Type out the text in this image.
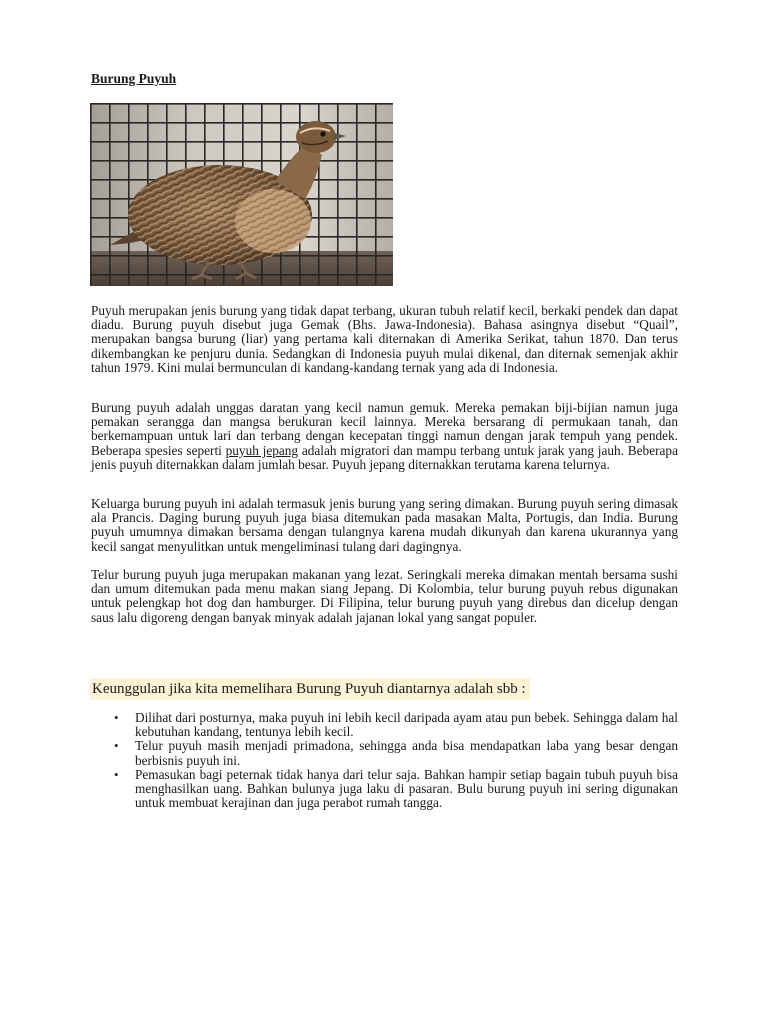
Burung Puyuh

Puyuh merupakan jenis burung yang tidak dapat terbang, ukuran tubuh relatif kecil, berkaki pendek dan dapat diadu. Burung puyuh disebut juga Gemak (Bhs. Jawa-Indonesia). Bahasa asingnya disebut “Quail”, merupakan bangsa burung (liar) yang pertama kali diternakan di Amerika Serikat, tahun 1870. Dan terus dikembangkan ke penjuru dunia. Sedangkan di Indonesia puyuh mulai dikenal, dan diternak semenjak akhir tahun 1979. Kini mulai bermunculan di kandang-kandang ternak yang ada di Indonesia.

Burung puyuh adalah unggas daratan yang kecil namun gemuk. Mereka pemakan biji-bijian namun juga pemakan serangga dan mangsa berukuran kecil lainnya. Mereka bersarang di permukaan tanah, dan berkemampuan untuk lari dan terbang dengan kecepatan tinggi namun dengan jarak tempuh yang pendek. Beberapa spesies seperti puyuh jepang adalah migratori dan mampu terbang untuk jarak yang jauh. Beberapa jenis puyuh diternakkan dalam jumlah besar. Puyuh jepang diternakkan terutama karena telurnya.

Keluarga burung puyuh ini adalah termasuk jenis burung yang sering dimakan. Burung puyuh sering dimasak ala Prancis. Daging burung puyuh juga biasa ditemukan pada masakan Malta, Portugis, dan India. Burung puyuh umumnya dimakan bersama dengan tulangnya karena mudah dikunyah dan karena ukurannya yang kecil sangat menyulitkan untuk mengeliminasi tulang dari dagingnya.

Telur burung puyuh juga merupakan makanan yang lezat. Seringkali mereka dimakan mentah bersama sushi dan umum ditemukan pada menu makan siang Jepang. Di Kolombia, telur burung puyuh rebus digunakan untuk pelengkap hot dog dan hamburger. Di Filipina, telur burung puyuh yang direbus dan dicelup dengan saus lalu digoreng dengan banyak minyak adalah jajanan lokal yang sangat populer.

Keunggulan jika kita memelihara Burung Puyuh diantarnya adalah sbb :
• Dilihat dari posturnya, maka puyuh ini lebih kecil daripada ayam atau pun bebek. Sehingga dalam hal kebutuhan kandang, tentunya lebih kecil.
• Telur puyuh masih menjadi primadona, sehingga anda bisa mendapatkan laba yang besar dengan berbisnis puyuh ini.
• Pemasukan bagi peternak tidak hanya dari telur saja. Bahkan hampir setiap bagain tubuh puyuh bisa menghasilkan uang. Bahkan bulunya juga laku di pasaran. Bulu burung puyuh ini sering digunakan untuk membuat kerajinan dan juga perabot rumah tangga.
